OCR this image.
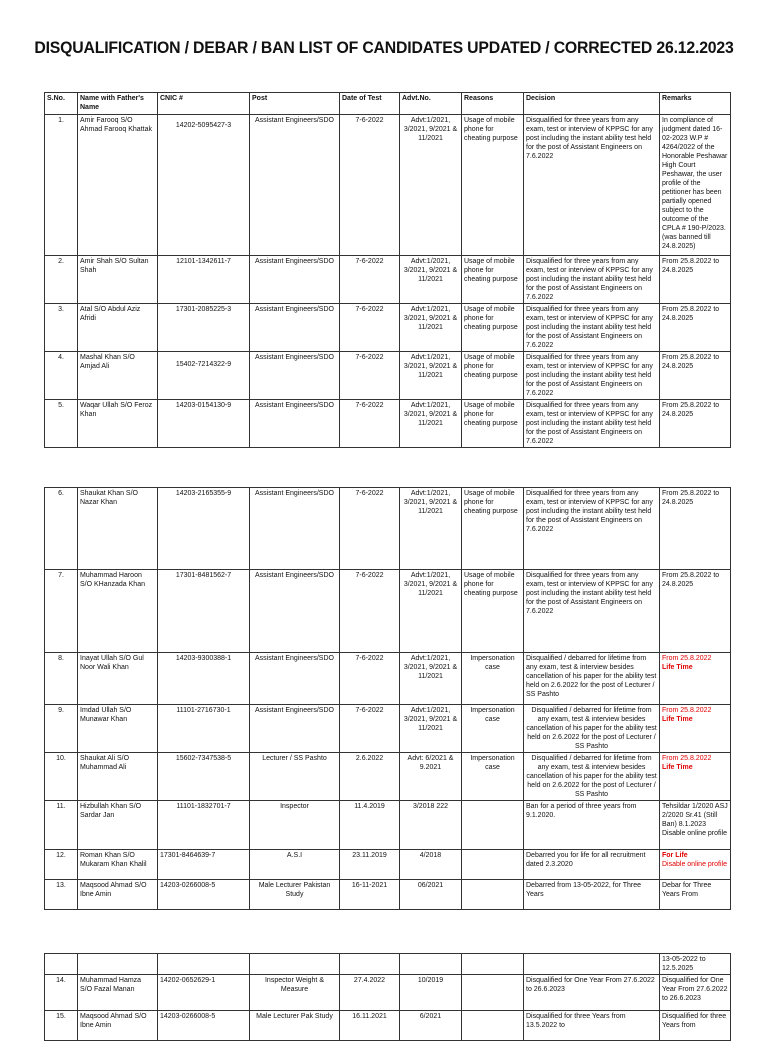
DISQUALIFICATION / DEBAR / BAN LIST OF CANDIDATES UPDATED / CORRECTED 26.12.2023
S.No.	Name with Father's Name	CNIC #	Post	Date of Test	Advt.No.	Reasons	Decision	Remarks
1.	Amir Farooq S/O Ahmad Farooq Khattak	14202-5095427-3	Assistant Engineers/SDO	7-6-2022	Advt:1/2021, 3/2021, 9/2021 & 11/2021	Usage of mobile phone for cheating purpose	Disqualified for three years from any exam, test or interview of KPPSC for any post including the instant ability test held for the post of Assistant Engineers on 7.6.2022	In compliance of judgment dated 16-02-2023 W.P # 4264/2022 of the Honorable Peshawar High Court Peshawar, the user profile of the petitioner has been partially opened subject to the outcome of the CPLA # 190-P/2023. (was banned till 24.8.2025)
2.	Amir Shah S/O Sultan Shah	12101-1342611-7	Assistant Engineers/SDO	7-6-2022	Advt:1/2021, 3/2021, 9/2021 & 11/2021	Usage of mobile phone for cheating purpose	Disqualified for three years from any exam, test or interview of KPPSC for any post including the instant ability test held for the post of Assistant Engineers on 7.6.2022	From 25.8.2022 to 24.8.2025
3.	Atal S/O Abdul Aziz Afridi	17301-2085225-3	Assistant Engineers/SDO	7-6-2022	Advt:1/2021, 3/2021, 9/2021 & 11/2021	Usage of mobile phone for cheating purpose	Disqualified for three years from any exam, test or interview of KPPSC for any post including the instant ability test held for the post of Assistant Engineers on 7.6.2022	From 25.8.2022 to 24.8.2025
4.	Mashal Khan S/O Amjad Ali	15402-7214322-9	Assistant Engineers/SDO	7-6-2022	Advt:1/2021, 3/2021, 9/2021 & 11/2021	Usage of mobile phone for cheating purpose	Disqualified for three years from any exam, test or interview of KPPSC for any post including the instant ability test held for the post of Assistant Engineers on 7.6.2022	From 25.8.2022 to 24.8.2025
5.	Waqar Ullah S/O Feroz Khan	14203-0154130-9	Assistant Engineers/SDO	7-6-2022	Advt:1/2021, 3/2021, 9/2021 & 11/2021	Usage of mobile phone for cheating purpose	Disqualified for three years from any exam, test or interview of KPPSC for any post including the instant ability test held for the post of Assistant Engineers on 7.6.2022	From 25.8.2022 to 24.8.2025
6.	Shaukat Khan S/O Nazar Khan	14203-2165355-9	Assistant Engineers/SDO	7-6-2022	Advt:1/2021, 3/2021, 9/2021 & 11/2021	Usage of mobile phone for cheating purpose	Disqualified for three years from any exam, test or interview of KPPSC for any post including the instant ability test held for the post of Assistant Engineers on 7.6.2022	From 25.8.2022 to 24.8.2025
7.	Muhammad Haroon S/O KHanzada Khan	17301-8481562-7	Assistant Engineers/SDO	7-6-2022	Advt:1/2021, 3/2021, 9/2021 & 11/2021	Usage of mobile phone for cheating purpose	Disqualified for three years from any exam, test or interview of KPPSC for any post including the instant ability test held for the post of Assistant Engineers on 7.6.2022	From 25.8.2022 to 24.8.2025
8.	Inayat Ullah S/O Gul Noor Wali Khan	14203-9300388-1	Assistant Engineers/SDO	7-6-2022	Advt:1/2021, 3/2021, 9/2021 & 11/2021	Impersonation case	Disqualified / debarred for lifetime from any exam, test & interview besides cancellation of his paper for the ability test held on 2.6.2022 for the post of Lecturer / SS Pashto	From 25.8.2022
Life Time

9.	Imdad Ullah S/O Munawar Khan	11101-2716730-1	Assistant Engineers/SDO	7-6-2022	Advt:1/2021, 3/2021, 9/2021 & 11/2021	Impersonation case	Disqualified / debarred for lifetime from any exam, test & interview besides cancellation of his paper for the ability test held on 2.6.2022 for the post of Lecturer / SS Pashto	From 25.8.2022
Life Time

10.	Shaukat Ali S/O Muhammad Ali	15602-7347538-5	Lecturer / SS Pashto	2.6.2022	Advt: 6/2021 & 9.2021	Impersonation case	Disqualified / debarred for lifetime from any exam, test & interview besides cancellation of his paper for the ability test held on 2.6.2022 for the post of Lecturer / SS Pashto	From 25.8.2022
Life Time

11.	Hizbullah Khan S/O Sardar Jan	11101-1832701-7	Inspector	11.4.2019	3/2018 222		Ban for a period of three years from 9.1.2020.	Tehsildar 1/2020 ASJ 2/2020 Sr.41 (Still Ban) 8.1.2023 Disable online profile
12.	Roman Khan S/O Mukaram Khan Khalil	17301-8464639-7	A.S.I	23.11.2019	4/2018		Debarred you for life for all recruitment dated 2.3.2020	For Life
Disable online profile

13.	Maqsood Ahmad S/O Ibne Amin	14203-0266008-5	Male Lecturer Pakistan Study	16-11-2021	06/2021		Debarred from 13-05-2022, for Three Years	Debar for Three Years From
								13-05-2022 to 12.5.2025
14.	Muhammad Hamza S/O Fazal Manan	14202-0652629-1	Inspector Weight & Measure	27.4.2022	10/2019		Disqualified for One Year From 27.6.2022 to 26.6.2023	Disqualified for One Year From 27.6.2022 to 26.6.2023
15.	Maqsood Ahmad S/O Ibne Amin	14203-0266008-5	Male Lecturer Pak Study	16.11.2021	6/2021		Disqualified for three Years from 13.5.2022 to	Disqualified for three Years from
